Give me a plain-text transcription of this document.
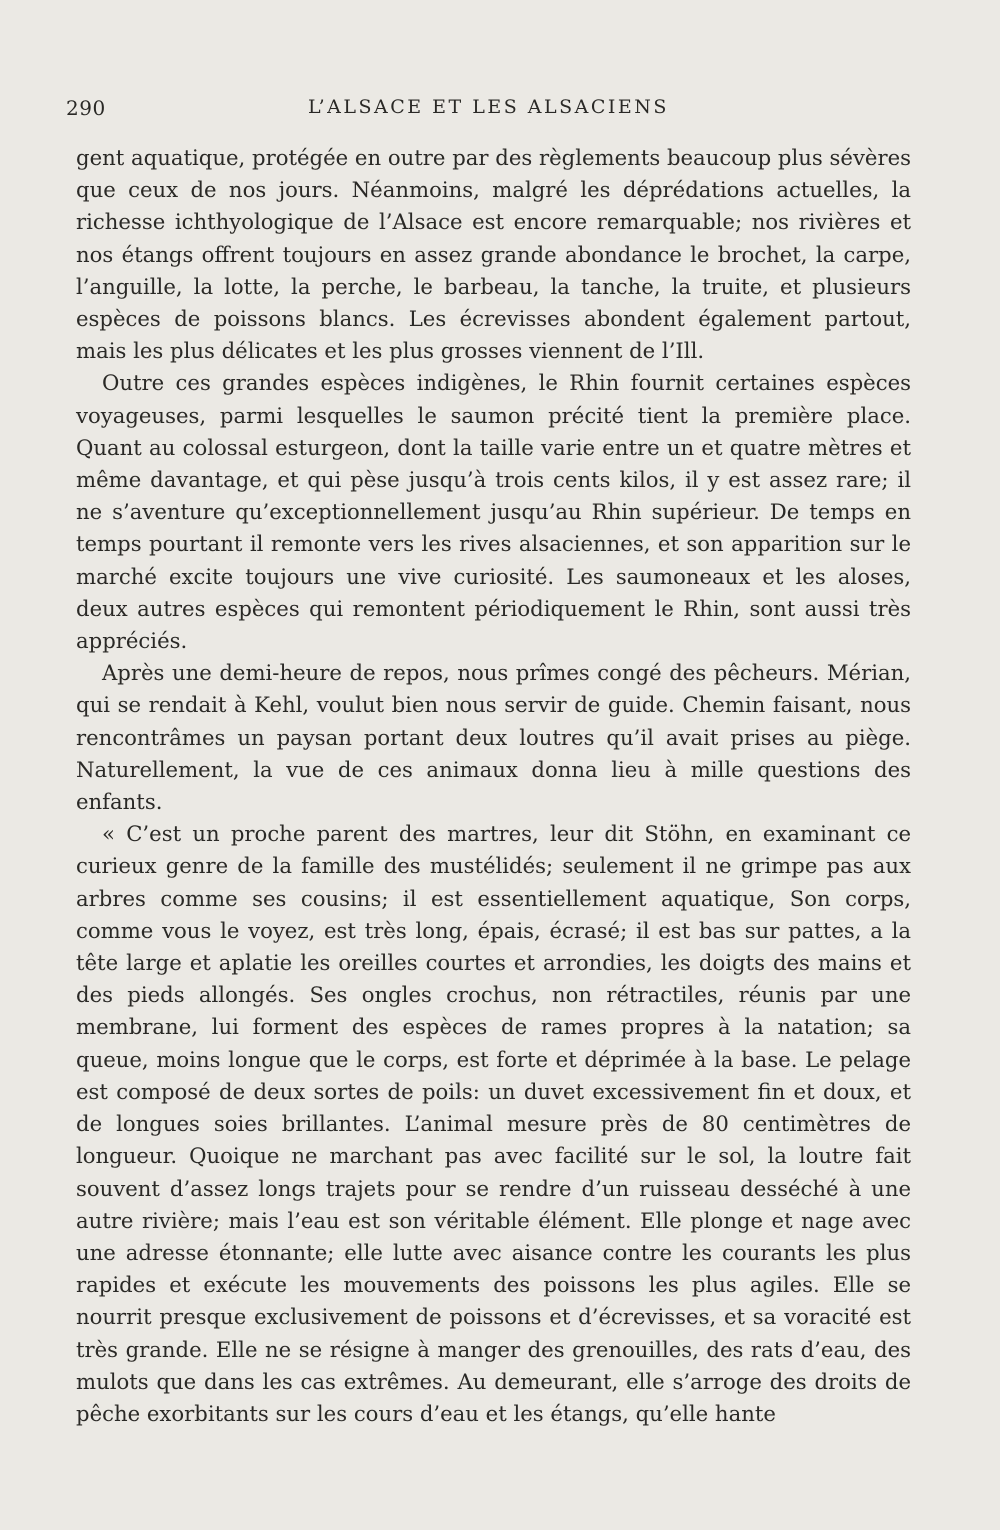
290	L’ALSACE ET LES ALSACIENS

gent aquatique, protégée en outre par des règlements beaucoup plus sévères que ceux de nos jours. Néanmoins, malgré les déprédations actuelles, la richesse ichthyologique de l’Alsace est encore remarquable; nos rivières et nos étangs offrent toujours en assez grande abondance le brochet, la carpe, l’anguille, la lotte, la perche, le barbeau, la tanche, la truite, et plusieurs espèces de poissons blancs. Les écrevisses abondent également partout, mais les plus délicates et les plus grosses viennent de l’Ill.

Outre ces grandes espèces indigènes, le Rhin fournit certaines espèces voyageuses, parmi lesquelles le saumon précité tient la première place. Quant au colossal esturgeon, dont la taille varie entre un et quatre mètres et même davantage, et qui pèse jusqu’à trois cents kilos, il y est assez rare; il ne s’aventure qu’exceptionnellement jusqu’au Rhin supérieur. De temps en temps pourtant il remonte vers les rives alsaciennes, et son apparition sur le marché excite toujours une vive curiosité. Les saumoneaux et les aloses, deux autres espèces qui remontent périodiquement le Rhin, sont aussi très appréciés.

Après une demi-heure de repos, nous prîmes congé des pêcheurs. Mérian, qui se rendait à Kehl, voulut bien nous servir de guide. Chemin faisant, nous rencontrâmes un paysan portant deux loutres qu’il avait prises au piège. Naturellement, la vue de ces animaux donna lieu à mille questions des enfants.

« C’est un proche parent des martres, leur dit Stöhn, en examinant ce curieux genre de la famille des mustélidés; seulement il ne grimpe pas aux arbres comme ses cousins; il est essentiellement aquatique, Son corps, comme vous le voyez, est très long, épais, écrasé; il est bas sur pattes, a la tête large et aplatie les oreilles courtes et arrondies, les doigts des mains et des pieds allongés. Ses ongles crochus, non rétractiles, réunis par une membrane, lui forment des espèces de rames propres à la natation; sa queue, moins longue que le corps, est forte et déprimée à la base. Le pelage est composé de deux sortes de poils: un duvet excessivement fin et doux, et de longues soies brillantes. L’animal mesure près de 80 centimètres de longueur. Quoique ne marchant pas avec facilité sur le sol, la loutre fait souvent d’assez longs trajets pour se rendre d’un ruisseau desséché à une autre rivière; mais l’eau est son véritable élément. Elle plonge et nage avec une adresse étonnante; elle lutte avec aisance contre les courants les plus rapides et exécute les mouvements des poissons les plus agiles. Elle se nourrit presque exclusivement de poissons et d’écrevisses, et sa voracité est très grande. Elle ne se résigne à manger des grenouilles, des rats d’eau, des mulots que dans les cas extrêmes. Au demeurant, elle s’arroge des droits de pêche exorbitants sur les cours d’eau et les étangs, qu’elle hante
